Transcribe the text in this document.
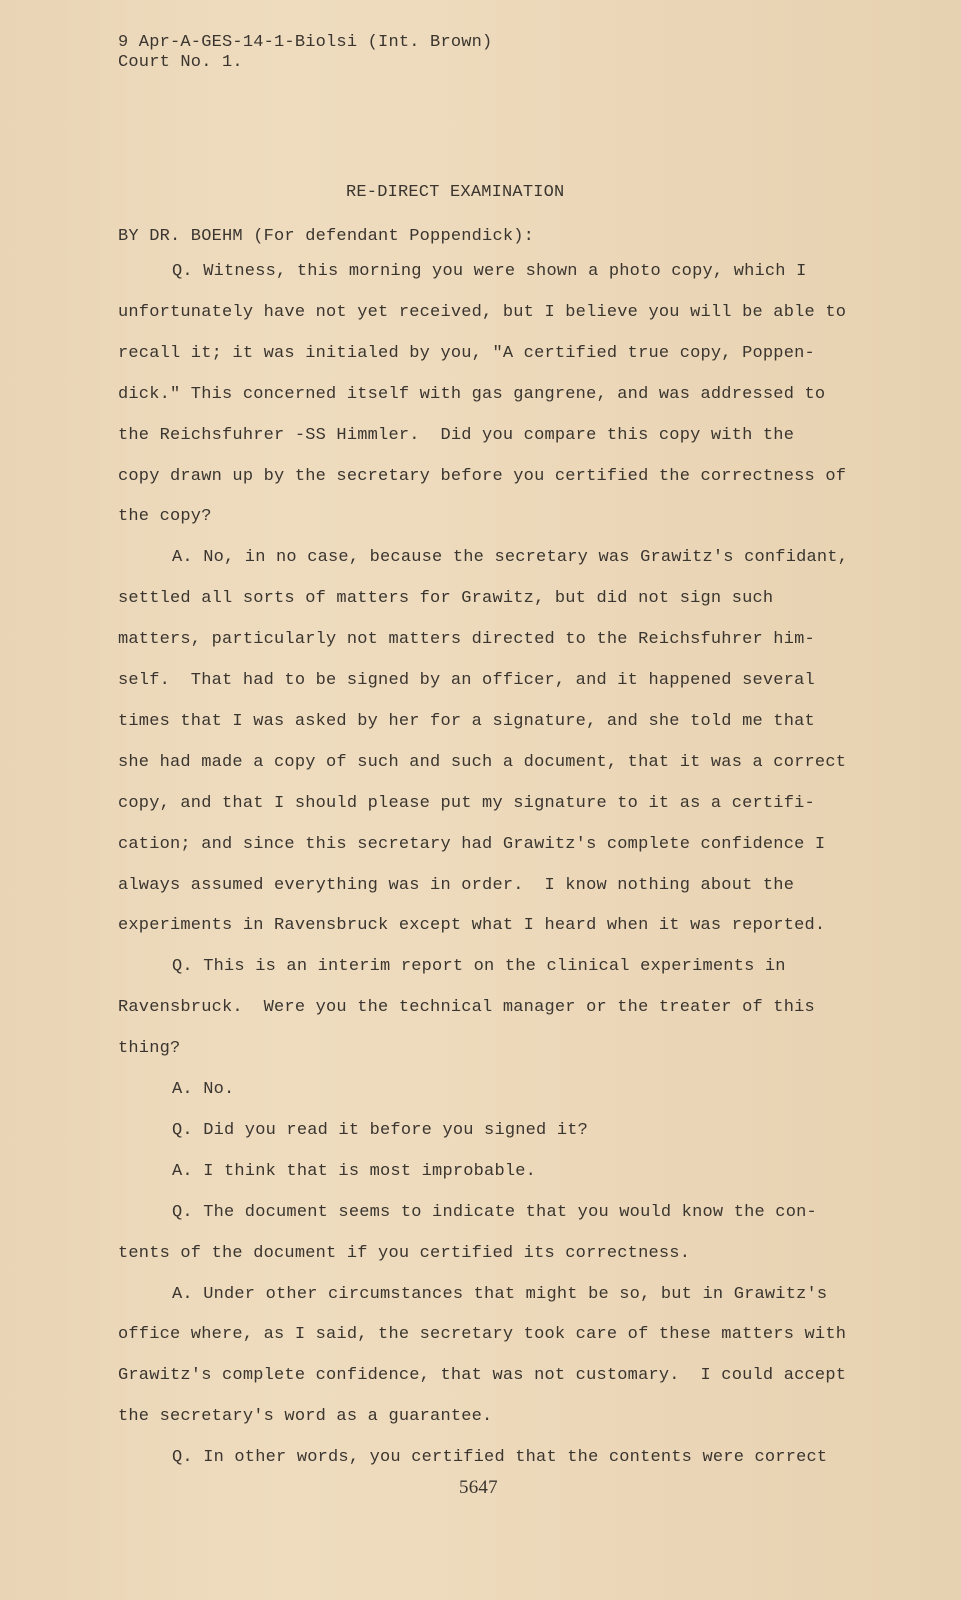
9 Apr-A-GES-14-1-Biolsi (Int. Brown)
Court No. 1.
RE-DIRECT EXAMINATION
BY DR. BOEHM (For defendant Poppendick):
Q. Witness, this morning you were shown a photo copy, which I
unfortunately have not yet received, but I believe you will be able to
recall it; it was initialed by you, "A certified true copy, Poppen-
dick." This concerned itself with gas gangrene, and was addressed to
the Reichsfuhrer -SS Himmler.  Did you compare this copy with the
copy drawn up by the secretary before you certified the correctness of
the copy?
A. No, in no case, because the secretary was Grawitz's confidant,
settled all sorts of matters for Grawitz, but did not sign such
matters, particularly not matters directed to the Reichsfuhrer him-
self.  That had to be signed by an officer, and it happened several
times that I was asked by her for a signature, and she told me that
she had made a copy of such and such a document, that it was a correct
copy, and that I should please put my signature to it as a certifi-
cation; and since this secretary had Grawitz's complete confidence I
always assumed everything was in order.  I know nothing about the
experiments in Ravensbruck except what I heard when it was reported.
Q. This is an interim report on the clinical experiments in
Ravensbruck.  Were you the technical manager or the treater of this
thing?
A. No.
Q. Did you read it before you signed it?
A. I think that is most improbable.
Q. The document seems to indicate that you would know the con-
tents of the document if you certified its correctness.
A. Under other circumstances that might be so, but in Grawitz's
office where, as I said, the secretary took care of these matters with
Grawitz's complete confidence, that was not customary.  I could accept
the secretary's word as a guarantee.
Q. In other words, you certified that the contents were correct
5647
